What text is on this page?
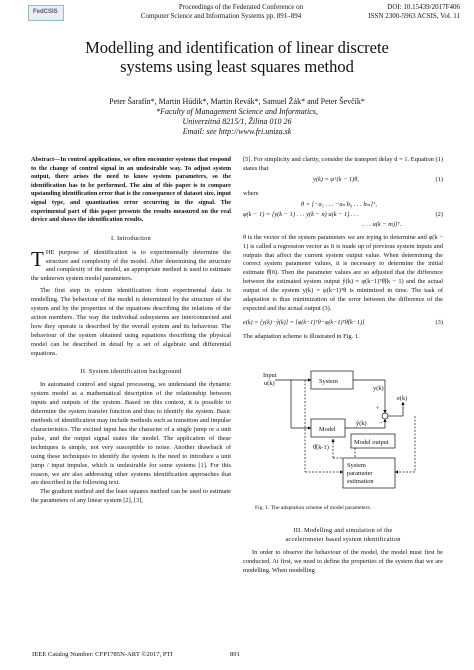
FedCSIS
Proceedings of the Federated Conference on
Computer Science and Information Systems pp. 891–894
DOI: 10.15439/2017F406
ISSN 2300-5963 ACSIS, Vol. 11
Modelling and identification of linear discrete
systems using least squares method
Peter Šarafín*, Martin Húdik*, Martin Revák*, Samuel Žák* and Peter Ševčík*
*Faculty of Management Science and Informatics,
Univerzitná 8215/1, Žilina 010 26
Email: see http://www.fri.uniza.sk
Abstract—In control applications, we often encounter systems that respond to the change of control signal in an undesirable way. To adjust system output, there arises the need to know system parameters, so the identification has to be performed. The aim of this paper is to compare upstanding identification error that is the consequence of dataset size, input signal type, and quantization error occurring in the signal. The experimental part of this paper presents the results measured on the real device and shows the identification results.
I. Introduction
THE purpose of identification is to experimentally determine the structure and complexity of the model. After determining the structure and complexity of the model, an appropriate method is used to estimate the unknown system model parameters.
The first step in system identification from experimental data is modelling. The behaviour of the model is determined by the structure of the system and by the properties of the equations describing the relations of the action members. The way the individual subsystems are interconnected and how they operate is described by the overall system and its behaviour. The behaviour of the system obtained using equations describing the physical model can be described in detail by a set of algebraic and differential equations.
II. System identification background
In automated control and signal processing, we understand the dynamic system model as a mathematical description of the relationship between inputs and outputs of the system. Based on this context, it is possible to determine the system transfer function and thus to identify the system. Basic methods of identification may include methods such as transition and impulse characteristics. The excited input has the character of a single jump or a unit pulse, and the output signal states the model. The application of these techniques is simple, not very susceptible to noise. Another drawback of using these techniques to identify the system is the need to introduce a unit jump / input impulse, which is undesirable for some systems [1]. For this reason, we are also addressing other systems identification approaches that are described in the following text.
The gradient method and the least squares method can be used to estimate the parameters of any linear system [2], [3],
[5]. For simplicity and clarity, consider the transport delay d = 1. Equation (1) states that
y(k) = φᵀ(k − 1)θ,	(1)
where
θ = [−a₁ . . . −aₙ b₀ . . . bₘ]ᵀ,
φ(k − 1) = [y(k − 1) . . . y(k − n) u(k − 1) . . .
. . . u(k − m)]ᵀ.
(2)
θ is the vector of the system parameters we are trying to determine and φ(k − 1) is called a regression vector as it is made up of previous system inputs and outputs that affect the current system output value. When determining the correct system parameter values, it is necessary to determine the initial estimate θ̂(0). Then the parameter values are so adjusted that the difference between the estimated system output ŷ(k) = φ(k−1)ᵀθ̂(k − 1) and the actual output of the system y(k) = φ(k−1)ᵀθ is minimized in time. The task of adaptation is thus minimization of the error between the difference of the expected and the actual output (3).
e(k) = [y(k)−ŷ(k)] = [φ(k−1)ᵀθ−φ(k−1)ᵀθ̂(k−1)]	(3)
The adaptation scheme is illustrated in Fig. 1.
Input
u(k)	System
y(k)
+
−
e(k)
Model
ŷ(k)
θ̂(k-1)
Model output
System
parameter
estimation
Fig. 1. The adaptation scheme of model parameters.
III. Modelling and simulation of the
accelerometer based system identification
In order to observe the behaviour of the model, the model must first be conducted. At first, we need to define the properties of the system that we are modelling. When modelling
IEEE Catalog Number: CFP1785N-ART ©2017, PTI	891
